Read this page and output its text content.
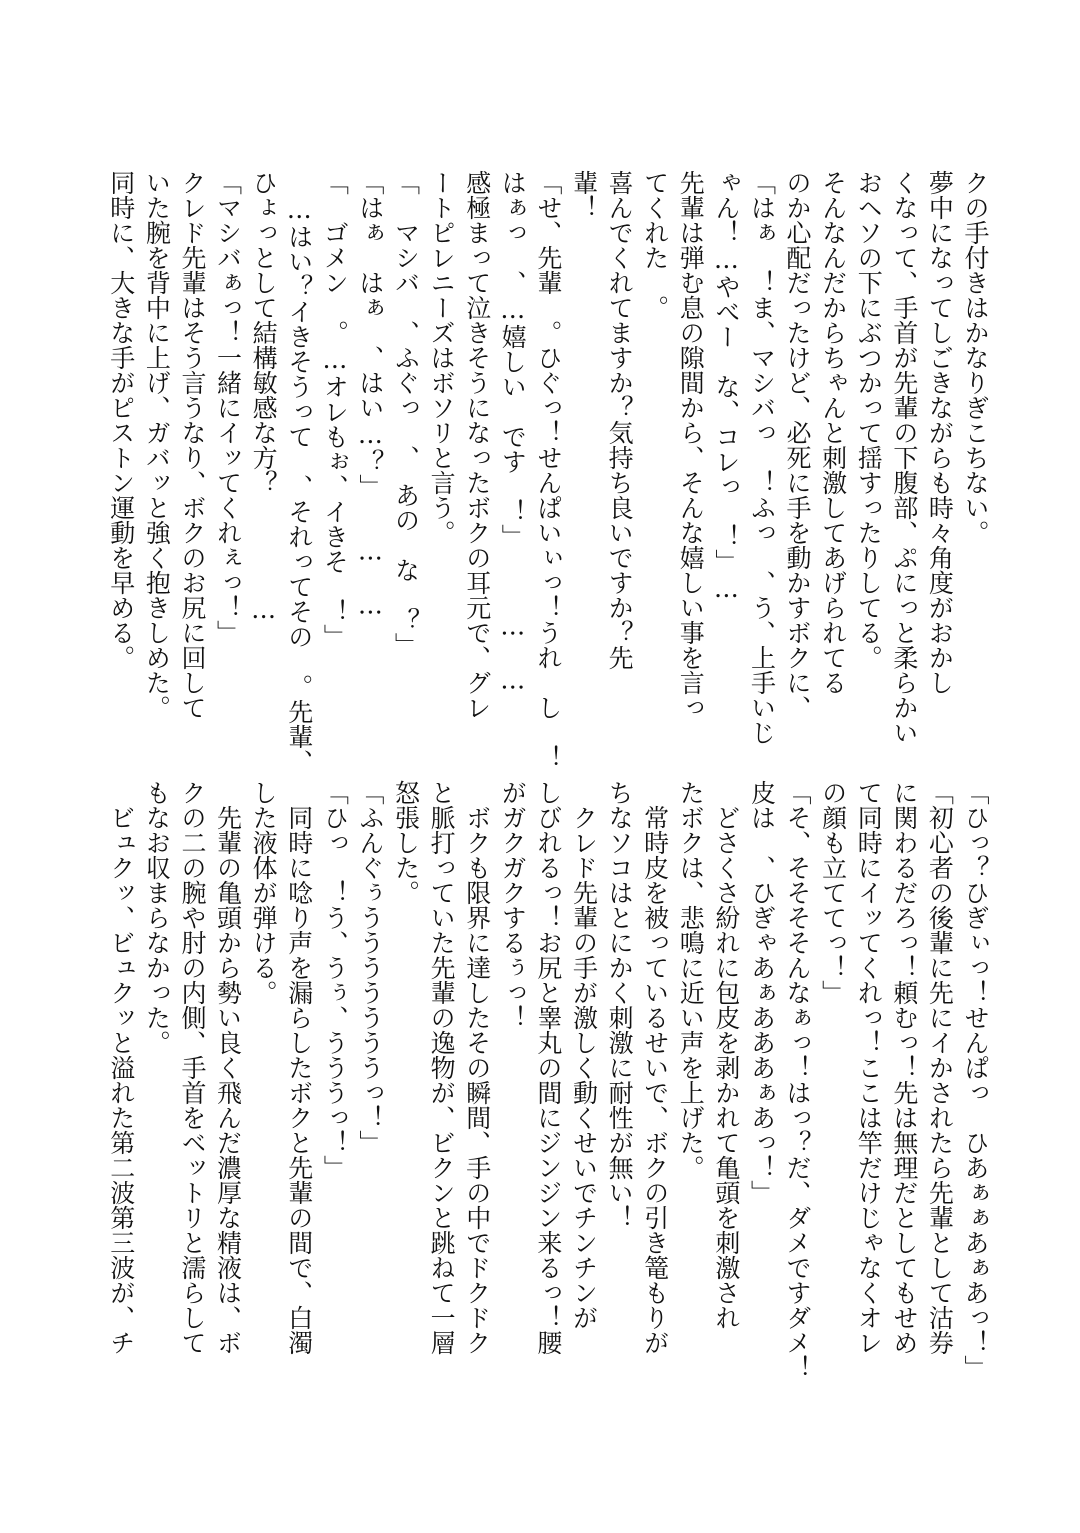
クの手付きはかなりぎこちない。
夢中になってしごきながらも時々角度がおかし
くなって、手首が先輩の下腹部、ぷにっと柔らかい
おヘソの下にぶつかって揺すったりしてる。
そんなんだからちゃんと刺激してあげられてる
のか心配だったけど、必死に手を動かすボクに、
「はぁ　！ま、マシバっ　！ふっ　、う、上手いじ
ゃん！…やべー　な、コレっ　！」…
先輩は弾む息の隙間から、そんな嬉しい事を言っ
てくれた　。
喜んでくれてますか？気持ち良いですか？先
輩！
「せ、先輩　。ひぐっ！せんぱいぃっ！うれ　し　！
はぁっ　、…嬉しい　です　！」　　　…　…
感極まって泣きそうになったボクの耳元で、グレ
ートピレニーズはボソリと言う。
「　マシバ　、ふぐっ　、　あの　な　？」
「はぁ　はぁ　、はい…？」　　…　…
「　ゴメン　。…オレもぉ、イきそ　！」
　…はい？イきそうって　、それってその　。先輩、
ひょっとして結構敏感な方？　　　　…
「マシバぁっ！一緒にイッてくれぇっ！」
クレド先輩はそう言うなり、ボクのお尻に回して
いた腕を背中に上げ、ガバッと強く抱きしめた。
同時に、大きな手がピストン運動を早める。
「ひっ？ひぎぃっ！せんぱっ　ひあぁぁあぁあっ！」
「初心者の後輩に先にイかされたら先輩として沽券
に関わるだろっ！頼むっ！先は無理だとしてもせめ
て同時にイッてくれっ！ここは竿だけじゃなくオレ
の顔も立ててっ！」
「そ、そそそそんなぁっ！はっ？だ、ダメですダメ！
皮は　、ひぎゃあぁあああぁあっ！」
　どさくさ紛れに包皮を剥かれて亀頭を刺激され
たボクは、悲鳴に近い声を上げた。
　常時皮を被っているせいで、ボクの引き篭もりが
ちなソコはとにかく刺激に耐性が無い！
　クレド先輩の手が激しく動くせいでチンチンが
しびれるっ！お尻と睾丸の間にジンジン来るっ！腰
がガクガクするぅっ！
　ボクも限界に達したその瞬間、手の中でドクドク
と脈打っていた先輩の逸物が、ビクンと跳ねて一層
怒張した。
「ふんぐぅうううううううっ！」
「ひっ　！う、うぅ、うううっ！」
　同時に唸り声を漏らしたボクと先輩の間で、白濁
した液体が弾ける。
　先輩の亀頭から勢い良く飛んだ濃厚な精液は、ボ
クの二の腕や肘の内側、手首をベットリと濡らして
もなお収まらなかった。
　ビュクッ、ビュクッと溢れた第二波第三波が、チ
